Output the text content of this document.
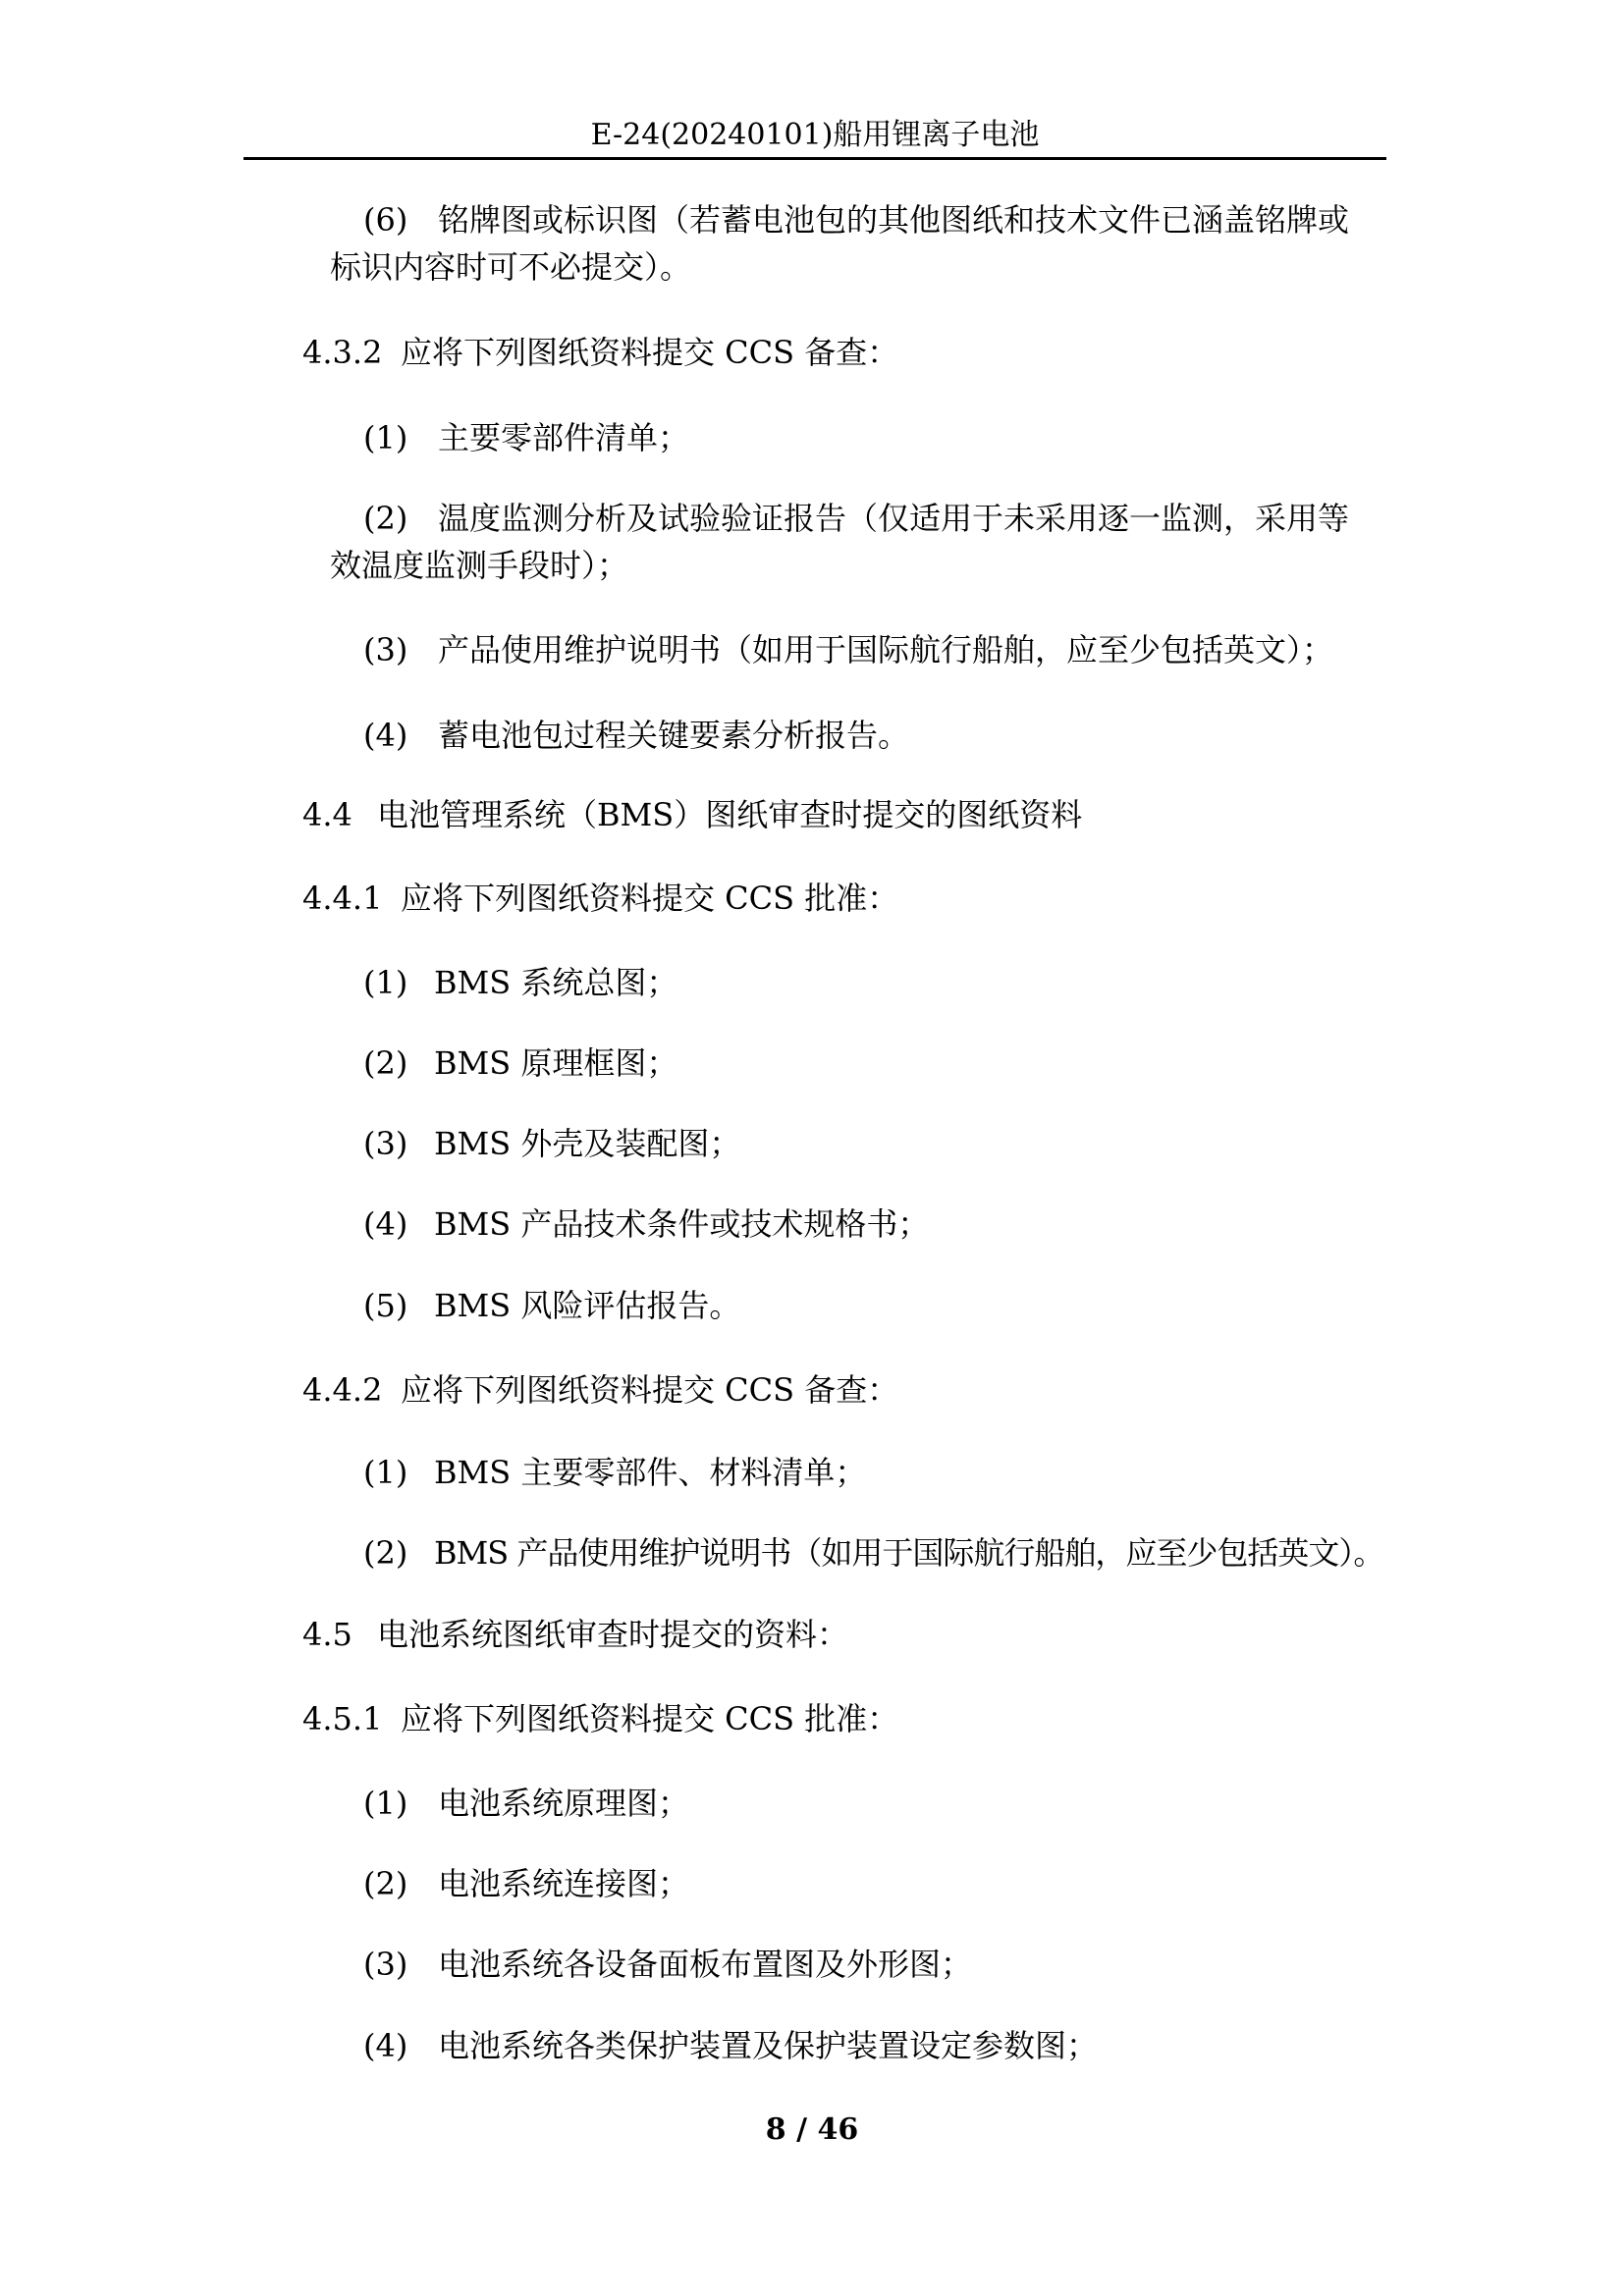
E-24(20240101)船用锂离子电池
(6) 铭牌图或标识图（若蓄电池包的其他图纸和技术文件已涵盖铭牌或
标识内容时可不必提交）。
4.3.2 应将下列图纸资料提交 CCS 备查：
(1) 主要零部件清单；
(2) 温度监测分析及试验验证报告（仅适用于未采用逐一监测，采用等
效温度监测手段时）；
(3) 产品使用维护说明书（如用于国际航行船舶，应至少包括英文）；
(4) 蓄电池包过程关键要素分析报告。
4.4 电池管理系统（BMS）图纸审查时提交的图纸资料
4.4.1 应将下列图纸资料提交 CCS 批准：
(1) BMS 系统总图；
(2) BMS 原理框图；
(3) BMS 外壳及装配图；
(4) BMS 产品技术条件或技术规格书；
(5) BMS 风险评估报告。
4.4.2 应将下列图纸资料提交 CCS 备查：
(1) BMS 主要零部件、材料清单；
(2) BMS 产品使用维护说明书（如用于国际航行船舶，应至少包括英文）。
4.5 电池系统图纸审查时提交的资料：
4.5.1 应将下列图纸资料提交 CCS 批准：
(1) 电池系统原理图；
(2) 电池系统连接图；
(3) 电池系统各设备面板布置图及外形图；
(4) 电池系统各类保护装置及保护装置设定参数图；
8 / 46
